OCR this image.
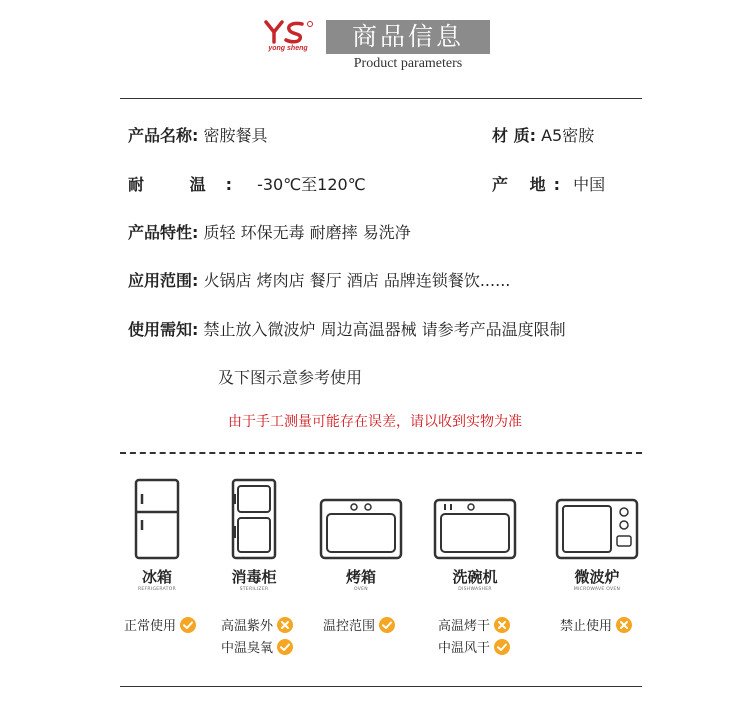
yong sheng	商品信息
Product parameters
产品名称: 密胺餐具	材 质: A5密胺
耐 温: -30℃至120℃	产 地: 中国
产品特性: 质轻 环保无毒 耐磨摔 易洗净
应用范围: 火锅店 烤肉店 餐厅 酒店 品牌连锁餐饮......
使用需知: 禁止放入微波炉 周边高温器械 请参考产品温度限制
及下图示意参考使用
由于手工测量可能存在误差，请以收到实物为准
冰箱
REFRIGERATOR
消毒柜
STERILIZER
烤箱
OVEN
洗碗机
DISHWASHER
微波炉
MICROWAVE OVEN
正常使用	高温紫外
中温臭氧
温控范围	高温烤干
中温风干
禁止使用
